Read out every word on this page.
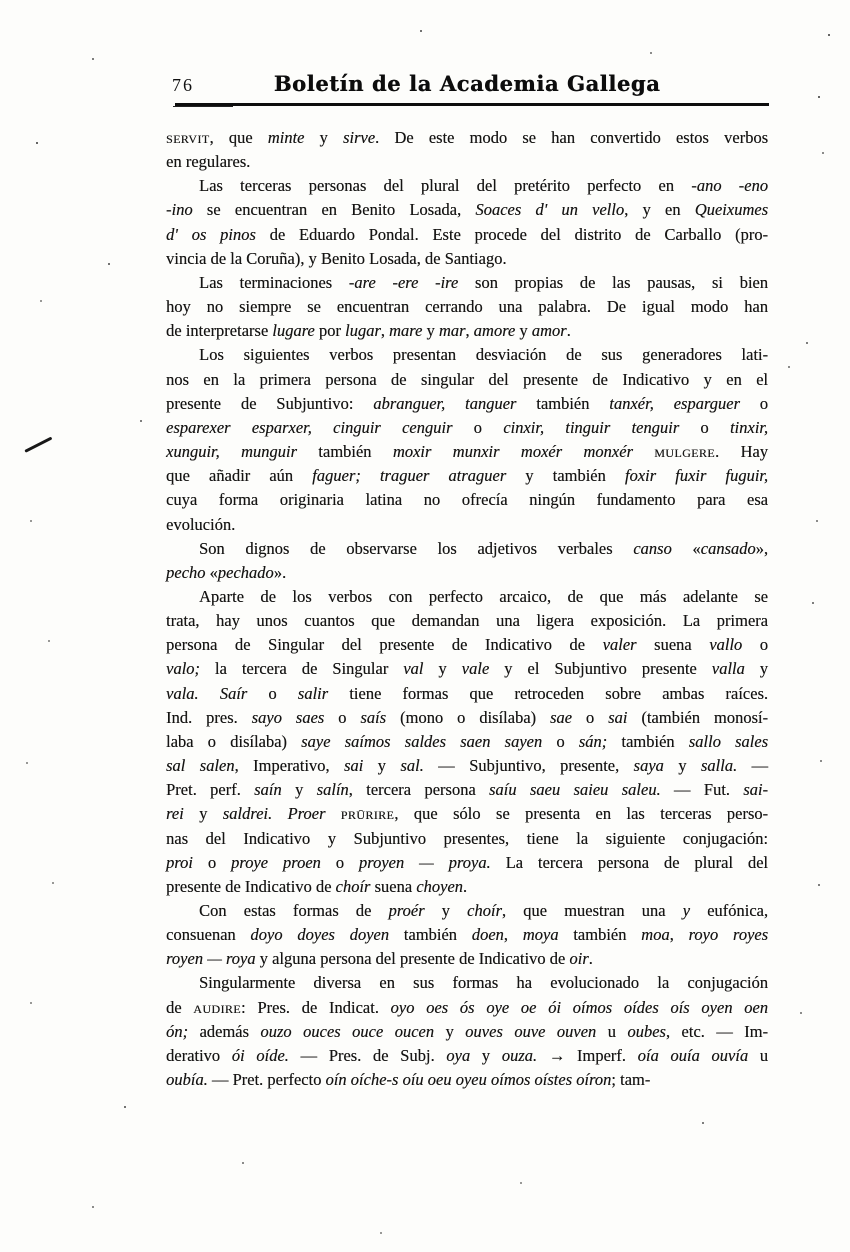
76	Boletín de la Academia Gallega
servit, que minte y sirve. De este modo se han convertido estos verbos
en regulares.
Las terceras personas del plural del pretérito perfecto en -ano -eno
-ino se encuentran en Benito Losada, Soaces d' un vello, y en Queixumes
d' os pinos de Eduardo Pondal. Este procede del distrito de Carballo (pro-
vincia de la Coruña), y Benito Losada, de Santiago.
Las terminaciones -are -ere -ire son propias de las pausas, si bien
hoy no siempre se encuentran cerrando una palabra. De igual modo han
de interpretarse lugare por lugar, mare y mar, amore y amor.
Los siguientes verbos presentan desviación de sus generadores lati-
nos en la primera persona de singular del presente de Indicativo y en el
presente de Subjuntivo: abranguer, tanguer también tanxér, esparguer o
esparexer esparxer, cinguir cenguir o cinxir, tinguir tenguir o tinxir,
xunguir, munguir también moxir munxir moxér monxér mulgere. Hay
que añadir aún faguer; traguer atraguer y también foxir fuxir fuguir,
cuya forma originaria latina no ofrecía ningún fundamento para esa
evolución.
Son dignos de observarse los adjetivos verbales canso «cansado»,
pecho «pechado».
Aparte de los verbos con perfecto arcaico, de que más adelante se
trata, hay unos cuantos que demandan una ligera exposición. La primera
persona de Singular del presente de Indicativo de valer suena vallo o
valo; la tercera de Singular val y vale y el Subjuntivo presente valla y
vala. Saír o salir tiene formas que retroceden sobre ambas raíces.
Ind. pres. sayo saes o saís (mono o disílaba) sae o sai (también monosí-
laba o disílaba) saye saímos saldes saen sayen o sán; también sallo sales
sal salen, Imperativo, sai y sal. — Subjuntivo, presente, saya y salla. —
Pret. perf. saín y salín, tercera persona saíu saeu saieu saleu. — Fut. sai-
rei y saldrei. Proer prūrire, que sólo se presenta en las terceras perso-
nas del Indicativo y Subjuntivo presentes, tiene la siguiente conjugación:
proi o proye proen o proyen — proya. La tercera persona de plural del
presente de Indicativo de choír suena choyen.
Con estas formas de proér y choír, que muestran una y eufónica,
consuenan doyo doyes doyen también doen, moya también moa, royo royes
royen — roya y alguna persona del presente de Indicativo de oir.
Singularmente diversa en sus formas ha evolucionado la conjugación
de audire: Pres. de Indicat. oyo oes ós oye oe ói oímos oídes oís oyen oen
ón; además ouzo ouces ouce oucen y ouves ouve ouven u oubes, etc. — Im-
derativo ói oíde. — Pres. de Subj. oya y ouza. → Imperf. oía ouía ouvía u
oubía. — Pret. perfecto oín oíche-s oíu oeu oyeu oímos oístes oíron; tam-
